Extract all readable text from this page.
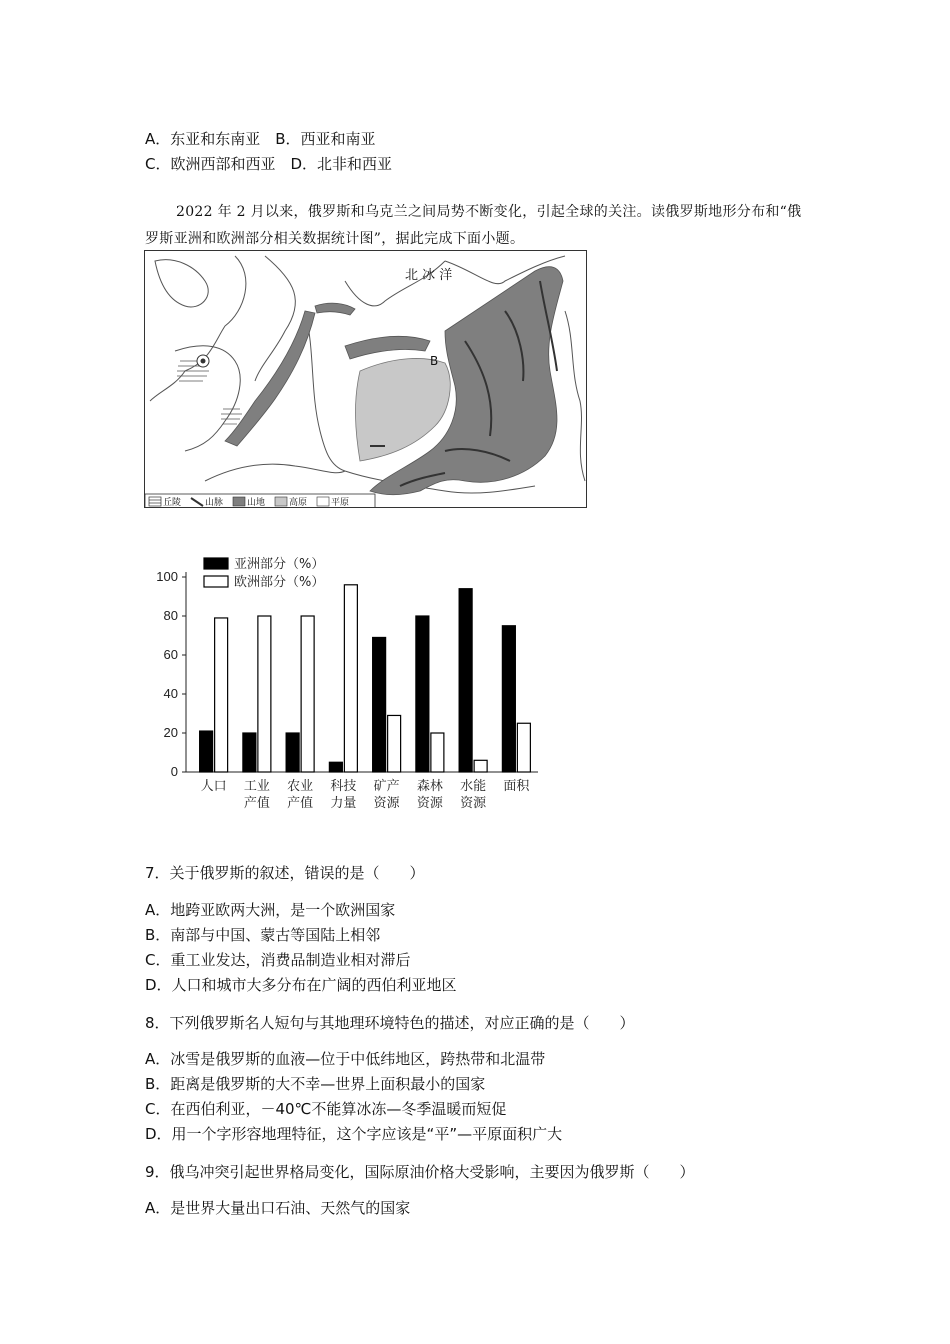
A．东亚和东南亚　B．西亚和南亚
C．欧洲西部和西亚　D．北非和西亚

2022 年 2 月以来，俄罗斯和乌克兰之间局势不断变化，引起全球的关注。读俄罗斯地形分布和“俄罗斯亚洲和欧洲部分相关数据统计图”，据此完成下面小题。

北 冰 洋
B
丘陵	山脉	山地	高原	平原
0
20
40
60
80
100
人口 工业
产值
农业
产值
科技
力量
矿产
资源
森林
资源
水能
资源
面积
亚洲部分（%）
欧洲部分（%）
7．关于俄罗斯的叙述，错误的是（　　）
A．地跨亚欧两大洲，是一个欧洲国家
B．南部与中国、蒙古等国陆上相邻
C．重工业发达，消费品制造业相对滞后
D．人口和城市大多分布在广阔的西伯利亚地区
8．下列俄罗斯名人短句与其地理环境特色的描述，对应正确的是（　　）
A．冰雪是俄罗斯的血液—位于中低纬地区，跨热带和北温带
B．距离是俄罗斯的大不幸—世界上面积最小的国家
C．在西伯利亚，－40℃不能算冰冻—冬季温暖而短促
D．用一个字形容地理特征，这个字应该是“平”—平原面积广大
9．俄乌冲突引起世界格局变化，国际原油价格大受影响，主要因为俄罗斯（　　）
A．是世界大量出口石油、天然气的国家
